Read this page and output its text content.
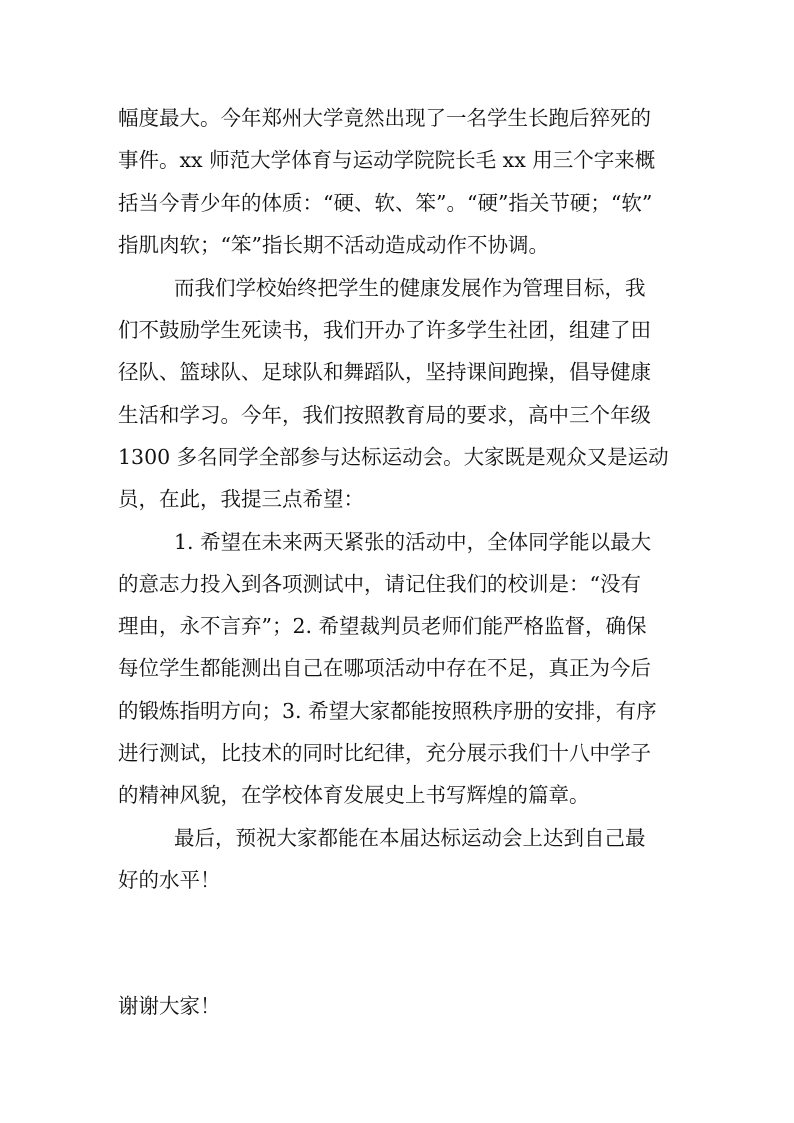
幅度最大。今年郑州大学竟然出现了一名学生长跑后猝死的
事件。xx 师范大学体育与运动学院院长毛 xx 用三个字来概
括当今青少年的体质：“硬、软、笨”。“硬”指关节硬；“软”
指肌肉软；“笨”指长期不活动造成动作不协调。
而我们学校始终把学生的健康发展作为管理目标，我
们不鼓励学生死读书，我们开办了许多学生社团，组建了田
径队、篮球队、足球队和舞蹈队，坚持课间跑操，倡导健康
生活和学习。今年，我们按照教育局的要求，高中三个年级
1300 多名同学全部参与达标运动会。大家既是观众又是运动
员，在此，我提三点希望：
1. 希望在未来两天紧张的活动中，全体同学能以最大
的意志力投入到各项测试中，请记住我们的校训是：“没有
理由，永不言弃”；2. 希望裁判员老师们能严格监督，确保
每位学生都能测出自己在哪项活动中存在不足，真正为今后
的锻炼指明方向；3. 希望大家都能按照秩序册的安排，有序
进行测试，比技术的同时比纪律，充分展示我们十八中学子
的精神风貌，在学校体育发展史上书写辉煌的篇章。
最后，预祝大家都能在本届达标运动会上达到自己最
好的水平！
谢谢大家！
